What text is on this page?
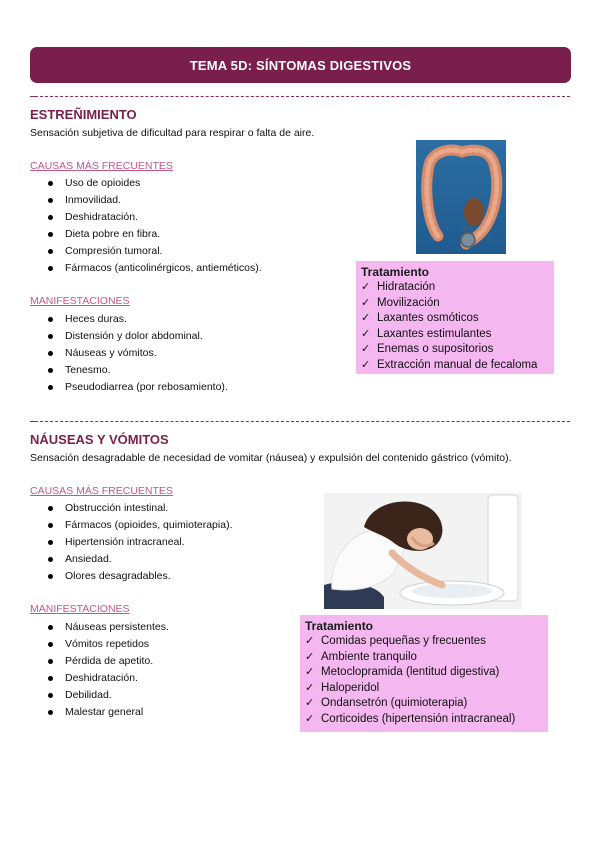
TEMA 5D: SÍNTOMAS DIGESTIVOS
ESTREÑIMIENTO
Sensación subjetiva de dificultad para respirar o falta de aire.
CAUSAS MÁS FRECUENTES
Uso de opioides
Inmovilidad.
Deshidratación.
Dieta pobre en fibra.
Compresión tumoral.
Fármacos (anticolinérgicos, antieméticos).
MANIFESTACIONES
Heces duras.
Distensión y dolor abdominal.
Náuseas y vómitos.
Tenesmo.
Pseudodiarrea (por rebosamiento).
Tratamiento
✓ Hidratación
✓ Movilización
✓ Laxantes osmóticos
✓ Laxantes estimulantes
✓ Enemas o supositorios
✓ Extracción manual de fecaloma
NÁUSEAS Y VÓMITOS
Sensación desagradable de necesidad de vomitar (náusea) y expulsión del contenido gástrico (vómito).
CAUSAS MÁS FRECUENTES
Obstrucción intestinal.
Fármacos (opioides, quimioterapia).
Hipertensión intracraneal.
Ansiedad.
Olores desagradables.
MANIFESTACIONES
Náuseas persistentes.
Vómitos repetidos
Pérdida de apetito.
Deshidratación.
Debilidad.
Malestar general
Tratamiento
✓ Comidas pequeñas y frecuentes
✓ Ambiente tranquilo
✓ Metoclopramida (lentitud digestiva)
✓ Haloperidol
✓ Ondansetrón (quimioterapia)
✓ Corticoides (hipertensión intracraneal)
